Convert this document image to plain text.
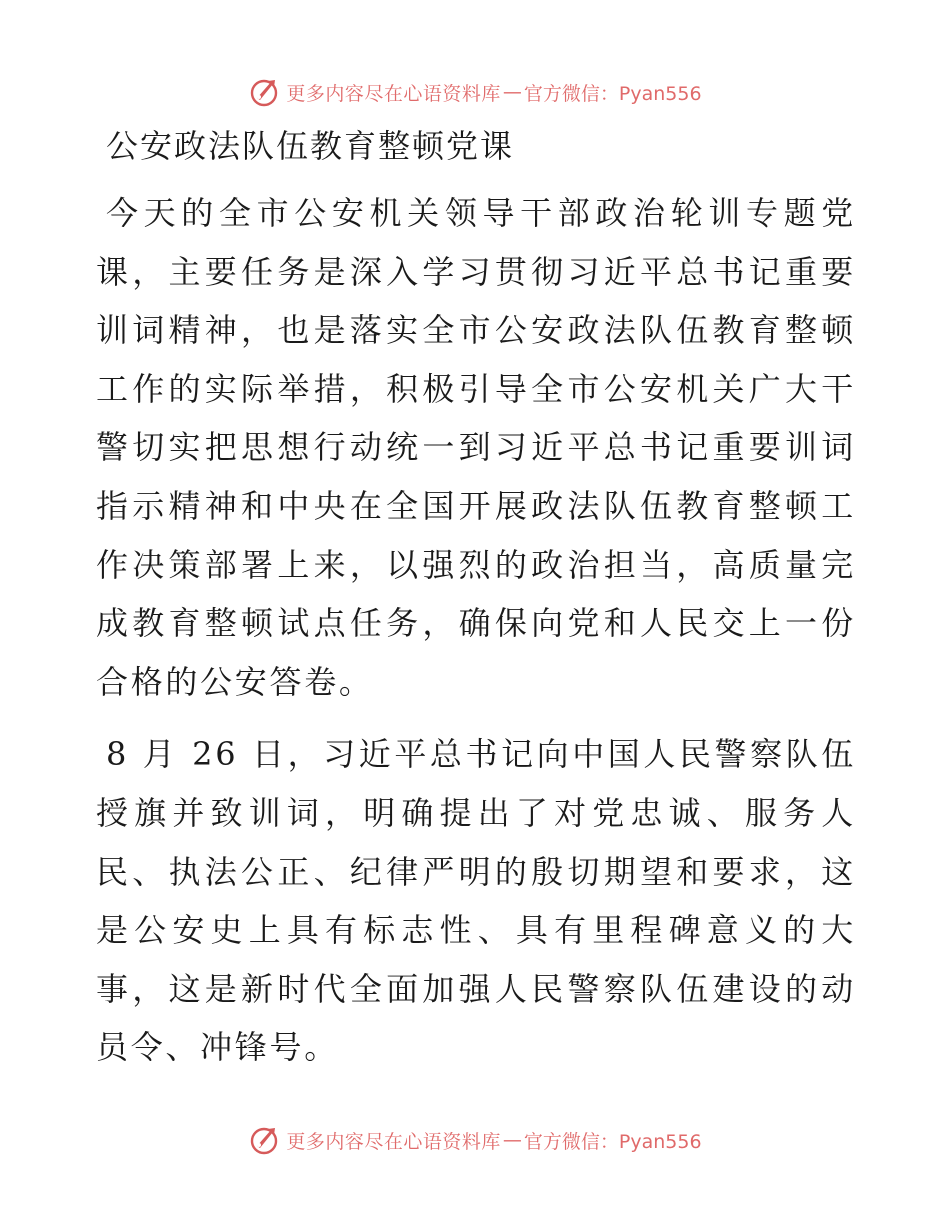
更多内容尽在心语资料库 — 官方微信：Pyan556
公安政法队伍教育整顿党课

今天的全市公安机关领导干部政治轮训专题党课，主要任务是深入学习贯彻习近平总书记重要训词精神，也是落实全市公安政法队伍教育整顿工作的实际举措，积极引导全市公安机关广大干警切实把思想行动统一到习近平总书记重要训词指示精神和中央在全国开展政法队伍教育整顿工作决策部署上来，以强烈的政治担当，高质量完成教育整顿试点任务，确保向党和人民交上一份合格的公安答卷。

8 月 26 日，习近平总书记向中国人民警察队伍授旗并致训词，明确提出了对党忠诚、服务人民、执法公正、纪律严明的殷切期望和要求，这是公安史上具有标志性、具有里程碑意义的大事，这是新时代全面加强人民警察队伍建设的动员令、冲锋号。

更多内容尽在心语资料库 — 官方微信：Pyan556
